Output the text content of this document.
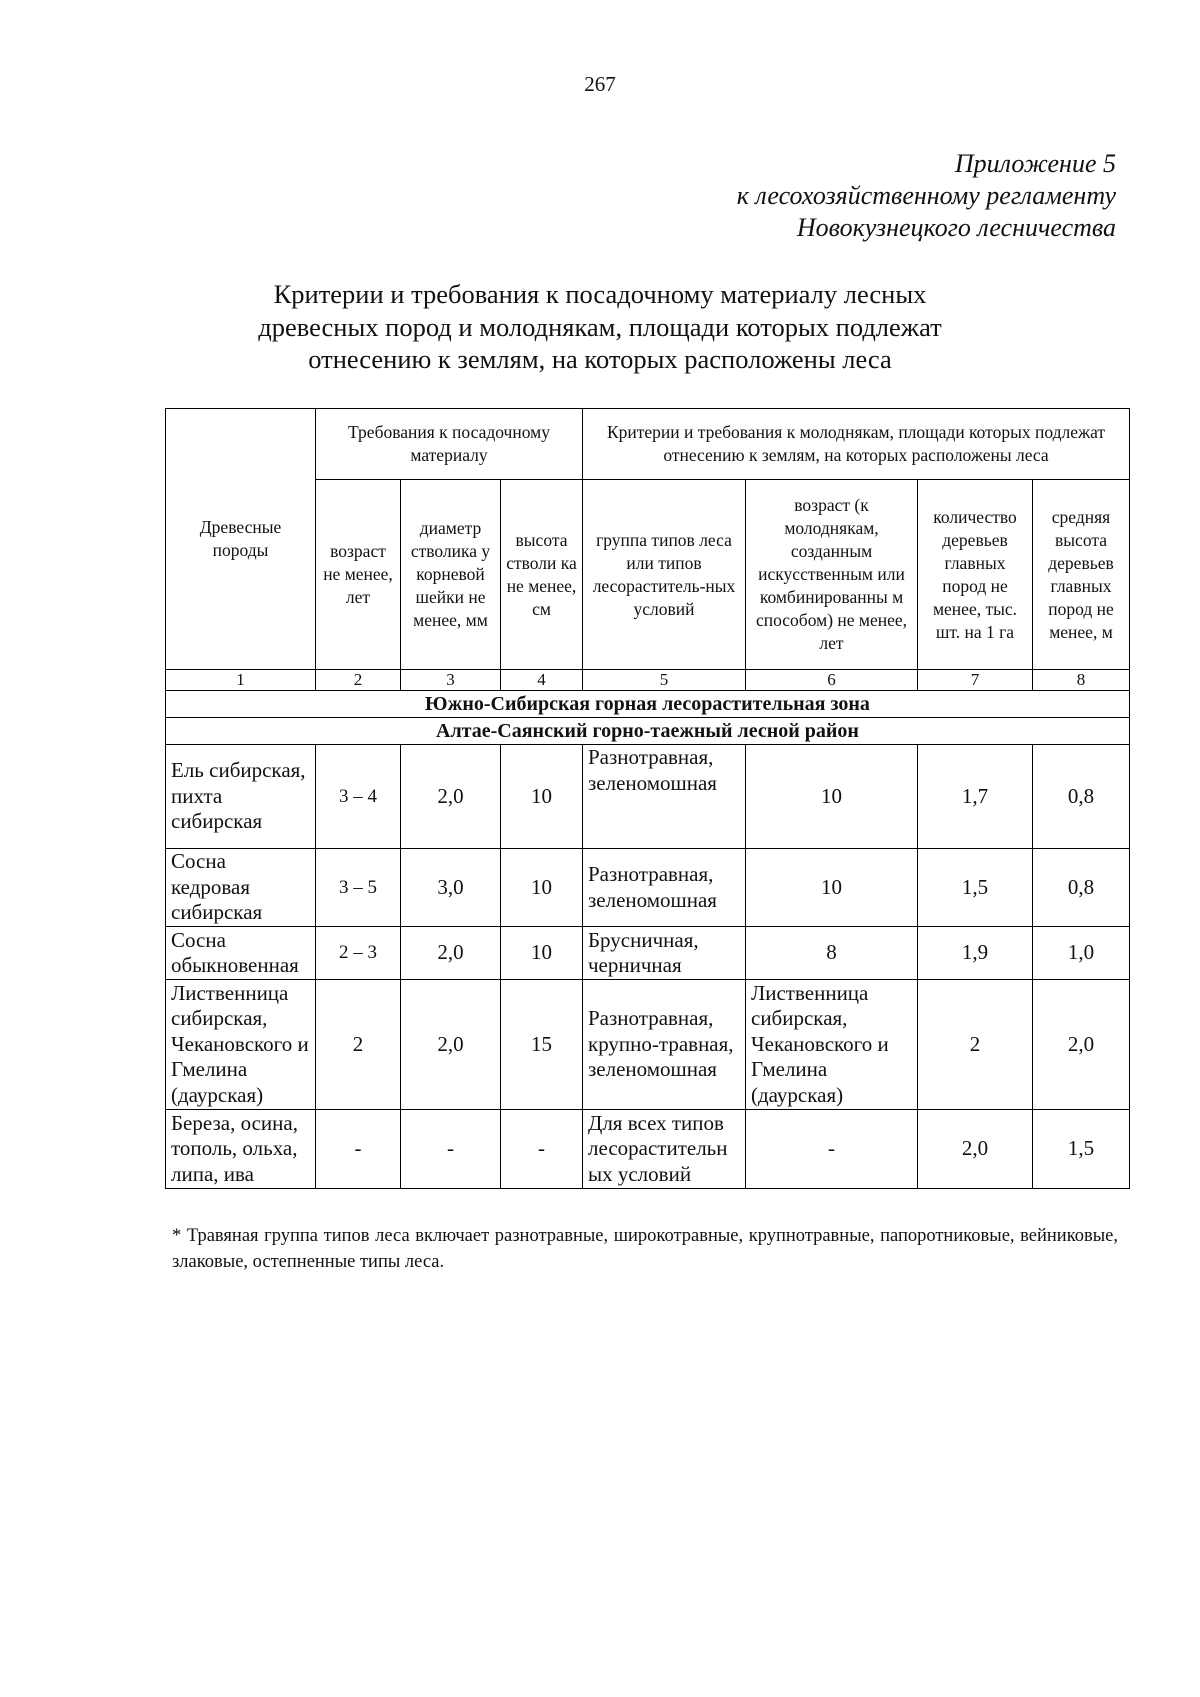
267
Приложение 5
к лесохозяйственному регламенту
Новокузнецкого лесничества
Критерии и требования к посадочному материалу лесных
древесных пород и молоднякам, площади которых подлежат
отнесению к землям, на которых расположены леса
Древесные породы	Требования к посадочному материалу			Критерии и требования к молоднякам, площади которых подлежат отнесению к землям, на которых расположены леса			
	возраст не менее, лет	диаметр стволика у корневой шейки не менее, мм	высота стволи ка не менее, см	группа типов леса или типов лесораститель-ных условий	возраст (к молоднякам, созданным искусственным или комбинированны м способом) не менее, лет	количество деревьев главных пород не менее, тыс. шт. на 1 га	средняя высота деревьев главных пород не менее, м
1	2	3	4	5	6	7	8
Южно-Сибирская горная лесорастительная зона							
Алтае-Саянский горно-таежный лесной район							
Ель сибирская, пихта сибирская	3 – 4	2,0	10	Разнотравная, зеленомошная	10	1,7	0,8
Сосна кедровая сибирская	3 – 5	3,0	10	Разнотравная, зеленомошная	10	1,5	0,8
Сосна обыкновенная	2 – 3	2,0	10	Брусничная, черничная	8	1,9	1,0
Лиственница сибирская, Чекановского и Гмелина (даурская)	2	2,0	15	Разнотравная, крупно-травная, зеленомошная	Лиственница сибирская, Чекановского и Гмелина (даурская)	2	2,0
Береза, осина, тополь, ольха, липа, ива	-	-	-	Для всех типов лесорастительн ых условий	-	2,0	1,5
* Травяная группа типов леса включает разнотравные, широкотравные, крупнотравные, папоротниковые, вейниковые, злаковые, остепненные типы леса.
